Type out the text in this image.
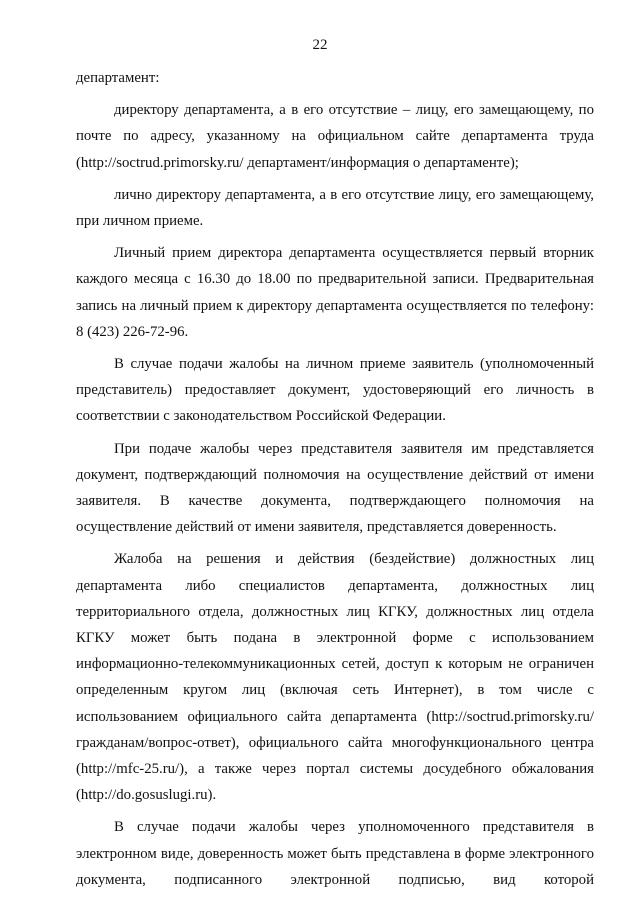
22

департамент:

директору департамента, а в его отсутствие – лицу, его замещающему, по почте по адресу, указанному на официальном сайте департамента труда (http://soctrud.primorsky.ru/ департамент/информация о департаменте);

лично директору департамента, а в его отсутствие лицу, его замещающему, при личном приеме.

Личный прием директора департамента осуществляется первый вторник каждого месяца с 16.30 до 18.00 по предварительной записи. Предварительная запись на личный прием к директору департамента осуществляется по телефону: 8 (423) 226-72-96.

В случае подачи жалобы на личном приеме заявитель (уполномоченный представитель) предоставляет документ, удостоверяющий его личность в соответствии с законодательством Российской Федерации.

При подаче жалобы через представителя заявителя им представляется документ, подтверждающий полномочия на осуществление действий от имени заявителя. В качестве документа, подтверждающего полномочия на осуществление действий от имени заявителя, представляется доверенность.

Жалоба на решения и действия (бездействие) должностных лиц департамента либо специалистов департамента, должностных лиц территориального отдела, должностных лиц КГКУ, должностных лиц отдела КГКУ может быть подана в электронной форме с использованием информационно-телекоммуникационных сетей, доступ к которым не ограничен определенным кругом лиц (включая сеть Интернет), в том числе с использованием официального сайта департамента (http://soctrud.primorsky.ru/гражданам/вопрос-ответ), официального сайта многофункционального центра (http://mfc-25.ru/), а также через портал системы досудебного обжалования (http://do.gosuslugi.ru).

В случае подачи жалобы через уполномоченного представителя в электронном виде, доверенность может быть представлена в форме электронного документа, подписанного электронной подписью, вид которой
